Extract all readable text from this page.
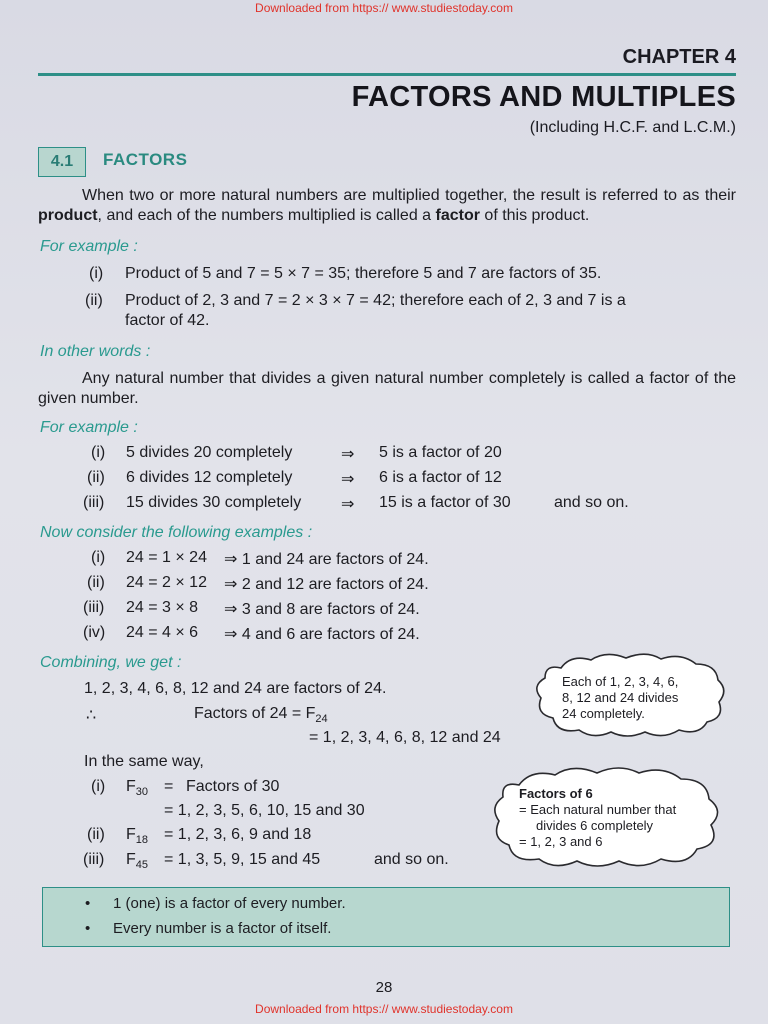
Downloaded from https:// www.studiestoday.com
CHAPTER 4
FACTORS AND MULTIPLES
(Including H.C.F. and L.C.M.)
4.1	FACTORS
When two or more natural numbers are multiplied together, the result is referred to as their product, and each of the numbers multiplied is called a factor of this product.
For example :
(i) Product of 5 and 7 = 5 × 7 = 35; therefore 5 and 7 are factors of 35.
(ii) Product of 2, 3 and 7 = 2 × 3 × 7 = 42; therefore each of 2, 3 and 7 is a
factor of 42.
In other words :
Any natural number that divides a given natural number completely is called a factor of the given number.
For example :
(i) 5 divides 20 completely	⇒ 5 is a factor of 20
(ii) 6 divides 12 completely	⇒ 6 is a factor of 12
(iii) 15 divides 30 completely ⇒ 15 is a factor of 30	and so on.
Now consider the following examples :
(i) 24 = 1 × 24 ⇒ 1 and 24 are factors of 24.
(ii) 24 = 2 × 12 ⇒ 2 and 12 are factors of 24.
(iii) 24 = 3 × 8 ⇒ 3 and 8 are factors of 24.
(iv) 24 = 4 × 6 ⇒ 4 and 6 are factors of 24.
Combining, we get :
1, 2, 3, 4, 6, 8, 12 and 24 are factors of 24.
∴	Factors of $24 = F_{24}$
= 1, 2, 3, 4, 6, 8, 12 and 24
In the same way,
(i) $F_{30}$ = Factors of 30
= 1, 2, 3, 5, 6, 10, 15 and 30
(ii) $F_{18} = 1$, 2, 3, 6, 9 and 18
(iii) $F_{45} = 1$, 3, 5, 9, 15 and 45	and so on.
Each of 1, 2, 3, 4, 6,
8, 12 and 24 divides
24 completely.
Factors of 6
= Each natural number that
divides 6 completely
= 1, 2, 3 and 6
• 1 (one) is a factor of every number.
• Every number is a factor of itself.
28
Downloaded from https:// www.studiestoday.com
